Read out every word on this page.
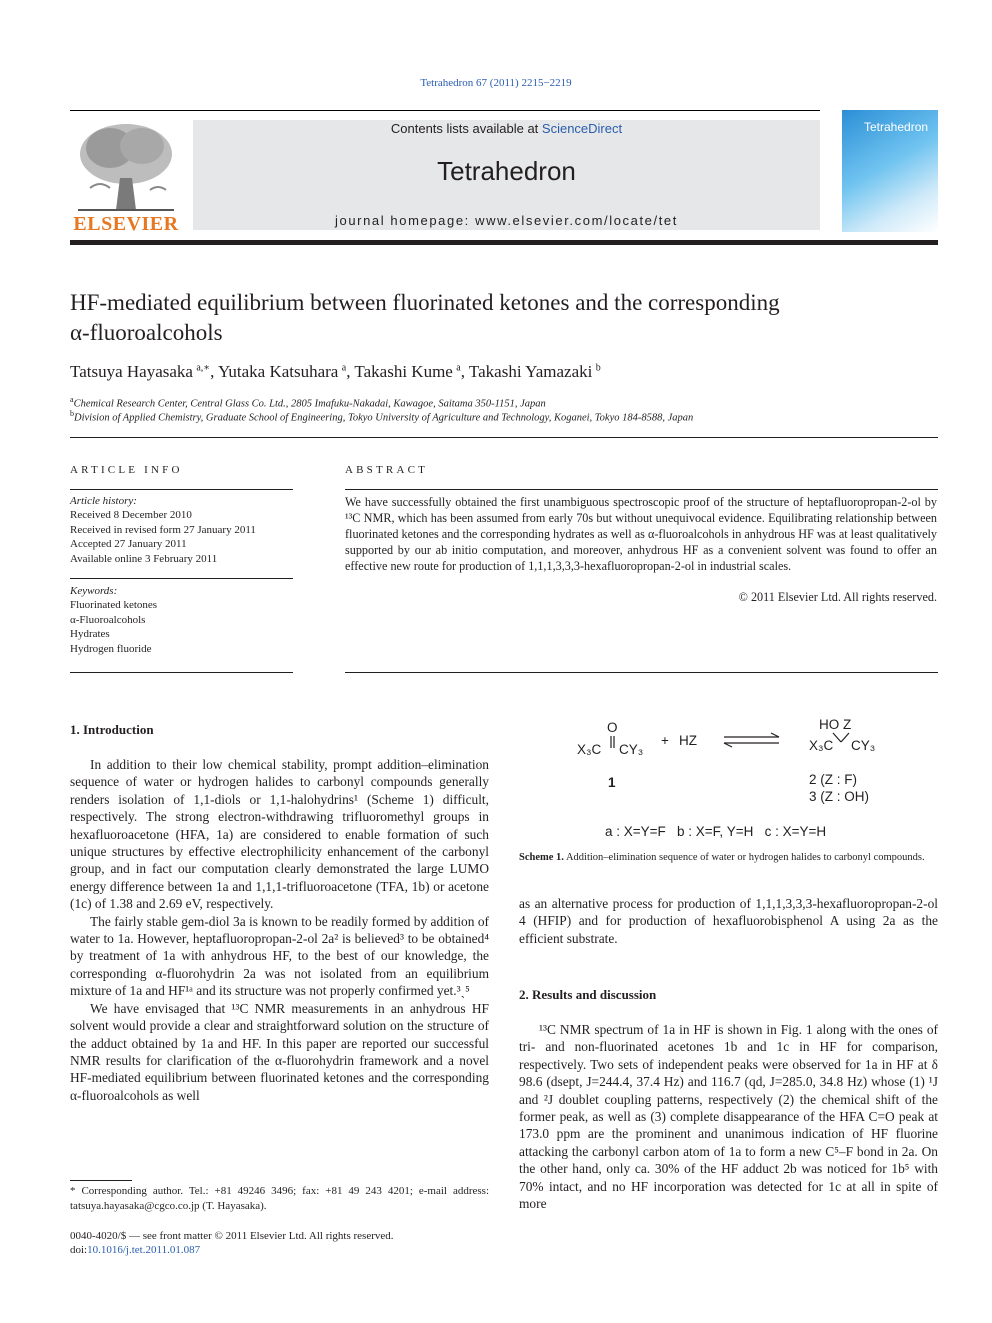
Tetrahedron 67 (2011) 2215−2219
ELSEVIER
Contents lists available at ScienceDirect
Tetrahedron
journal homepage: www.elsevier.com/locate/tet
Tetrahedron
HF-mediated equilibrium between fluorinated ketones and the corresponding
α-fluoroalcohols
Tatsuya Hayasaka  $^{a,∗}$, Yutaka Katsuhara  $^a$, Takashi Kume  $^a$, Takashi Yamazaki  $^b$
$^a$Chemical Research Center, Central Glass Co. Ltd., 2805 Imafuku-Nakadai, Kawagoe, Saitama 350-1151, Japan
$^b$Division of Applied Chemistry, Graduate School of Engineering, Tokyo University of Agriculture and Technology, Koganei, Tokyo 184-8588, Japan
ARTICLE INFO
Article history:
Received 8 December 2010
Received in revised form 27 January 2011
Accepted 27 January 2011
Available online 3 February 2011
Keywords:
Fluorinated ketones
α-Fluoroalcohols
Hydrates
Hydrogen fluoride
ABSTRACT
We have successfully obtained the first unambiguous spectroscopic proof of the structure of heptafluoropropan-2-ol by ¹³C NMR, which has been assumed from early 70s but without unequivocal evidence. Equilibrating relationship between fluorinated ketones and the corresponding hydrates as well as α-fluoroalcohols in anhydrous HF was at least qualitatively supported by our ab initio computation, and moreover, anhydrous HF as a convenient solvent was found to offer an effective new route for production of 1,1,1,3,3,3-hexafluoropropan-2-ol in industrial scales.
© 2011 Elsevier Ltd. All rights reserved.
1. Introduction

In addition to their low chemical stability, prompt addition–elimination sequence of water or hydrogen halides to carbonyl compounds generally renders isolation of 1,1-diols or 1,1-halohydrins¹ (Scheme 1) difficult, respectively. The strong electron-withdrawing trifluoromethyl groups in hexafluoroacetone (HFA, 1a) are considered to enable formation of such unique structures by effective electrophilicity enhancement of the carbonyl group, and in fact our computation clearly demonstrated the large LUMO energy difference between 1a and 1,1,1-trifluoroacetone (TFA, 1b) or acetone (1c) of 1.38 and 2.69 eV, respectively.

The fairly stable gem-diol 3a is known to be readily formed by addition of water to 1a. However, heptafluoropropan-2-ol 2a² is believed³ to be obtained⁴ by treatment of 1a with anhydrous HF, to the best of our knowledge, the corresponding α-fluorohydrin 2a was not isolated from an equilibrium mixture of 1a and HF¹ᵃ and its structure was not properly confirmed yet.³ˎ⁵

We have envisaged that ¹³C NMR measurements in an anhydrous HF solvent would provide a clear and straightforward solution on the structure of the adduct obtained by 1a and HF. In this paper are reported our successful NMR results for clarification of the α-fluorohydrin framework and a novel HF-mediated equilibrium between fluorinated ketones and the corresponding α-fluoroalcohols as well

* Corresponding author. Tel.: +81 49246 3496; fax: +81 49 243 4201; e-mail address: tatsuya.hayasaka@cgco.co.jp (T. Hayasaka).
0040-4020/$ — see front matter © 2011 Elsevier Ltd. All rights reserved.
doi:10.1016/j.tet.2011.01.087
O
X₃C CY₃
+ HZ
HO Z
X₃C CY₃
1	2 (Z : F)
3 (Z : OH)
a : X=Y=F   b : X=F, Y=H   c : X=Y=H
Scheme 1. Addition–elimination sequence of water or hydrogen halides to carbonyl compounds.

as an alternative process for production of 1,1,1,3,3,3-hexafluoropropan-2-ol 4 (HFIP) and for production of hexafluorobisphenol A using 2a as the efficient substrate.

2. Results and discussion

¹³C NMR spectrum of 1a in HF is shown in Fig. 1 along with the ones of tri- and non-fluorinated acetones 1b and 1c in HF for comparison, respectively. Two sets of independent peaks were observed for 1a in HF at δ 98.6 (dsept, J=244.4, 37.4 Hz) and 116.7 (qd, J=285.0, 34.8 Hz) whose (1) ¹J and ²J doublet coupling patterns, respectively (2) the chemical shift of the former peak, as well as (3) complete disappearance of the HFA C=O peak at 173.0 ppm are the prominent and unanimous indication of HF fluorine attacking the carbonyl carbon atom of 1a to form a new C⁵–F bond in 2a. On the other hand, only ca. 30% of the HF adduct 2b was noticed for 1b⁵ with 70% intact, and no HF incorporation was detected for 1c at all in spite of more
